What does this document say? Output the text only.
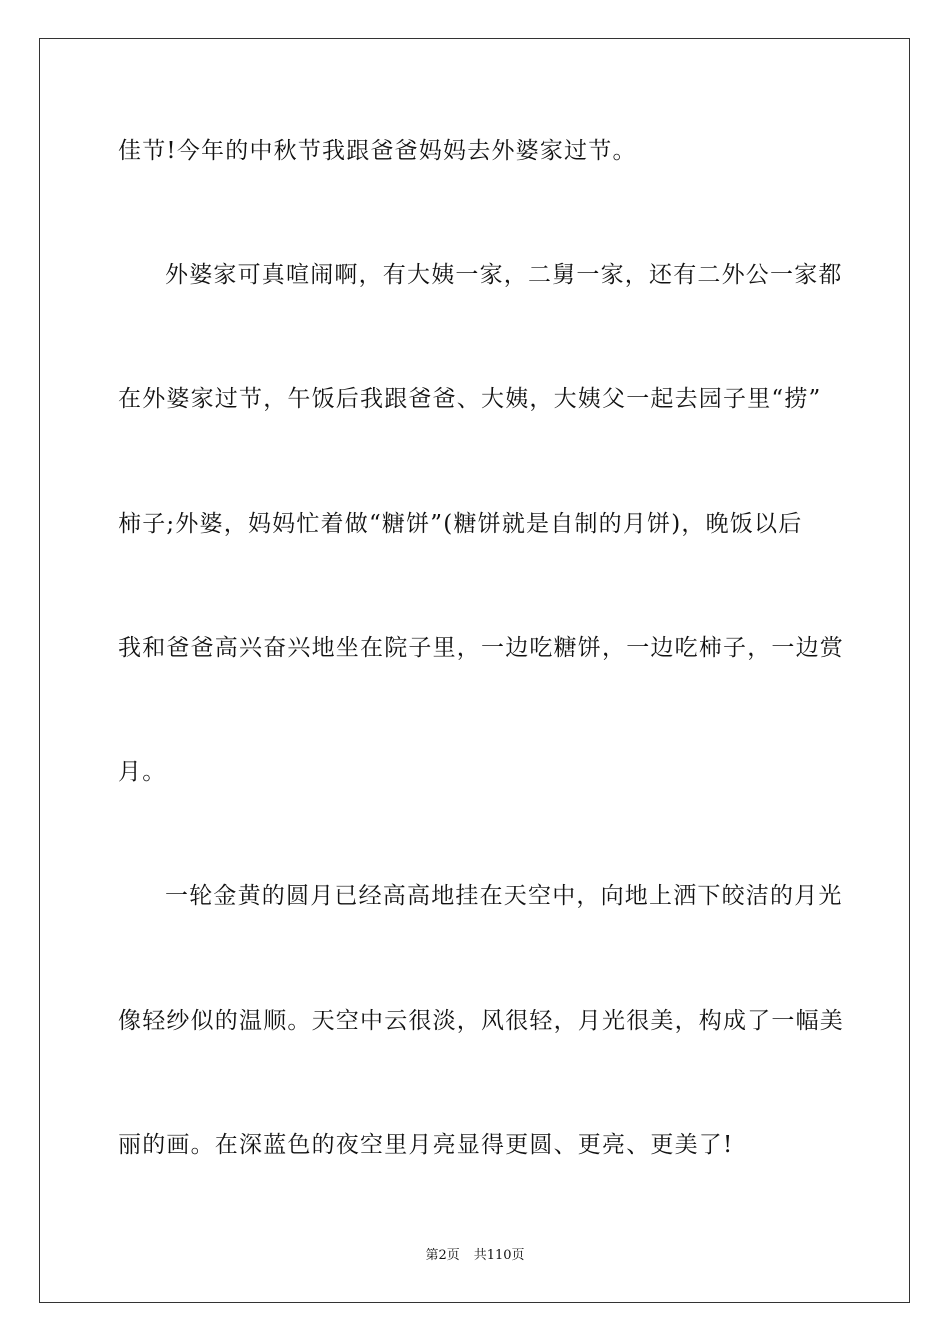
佳节!今年的中秋节我跟爸爸妈妈去外婆家过节。
外婆家可真喧闹啊，有大姨一家，二舅一家，还有二外公一家都
在外婆家过节，午饭后我跟爸爸、大姨，大姨父一起去园子里“捞”
柿子;外婆，妈妈忙着做“糖饼”(糖饼就是自制的月饼)，晚饭以后
我和爸爸高兴奋兴地坐在院子里，一边吃糖饼，一边吃柿子，一边赏
月。
一轮金黄的圆月已经高高地挂在天空中，向地上洒下皎洁的月光
像轻纱似的温顺。天空中云很淡，风很轻，月光很美，构成了一幅美
丽的画。在深蓝色的夜空里月亮显得更圆、更亮、更美了!
第2页 共110页
